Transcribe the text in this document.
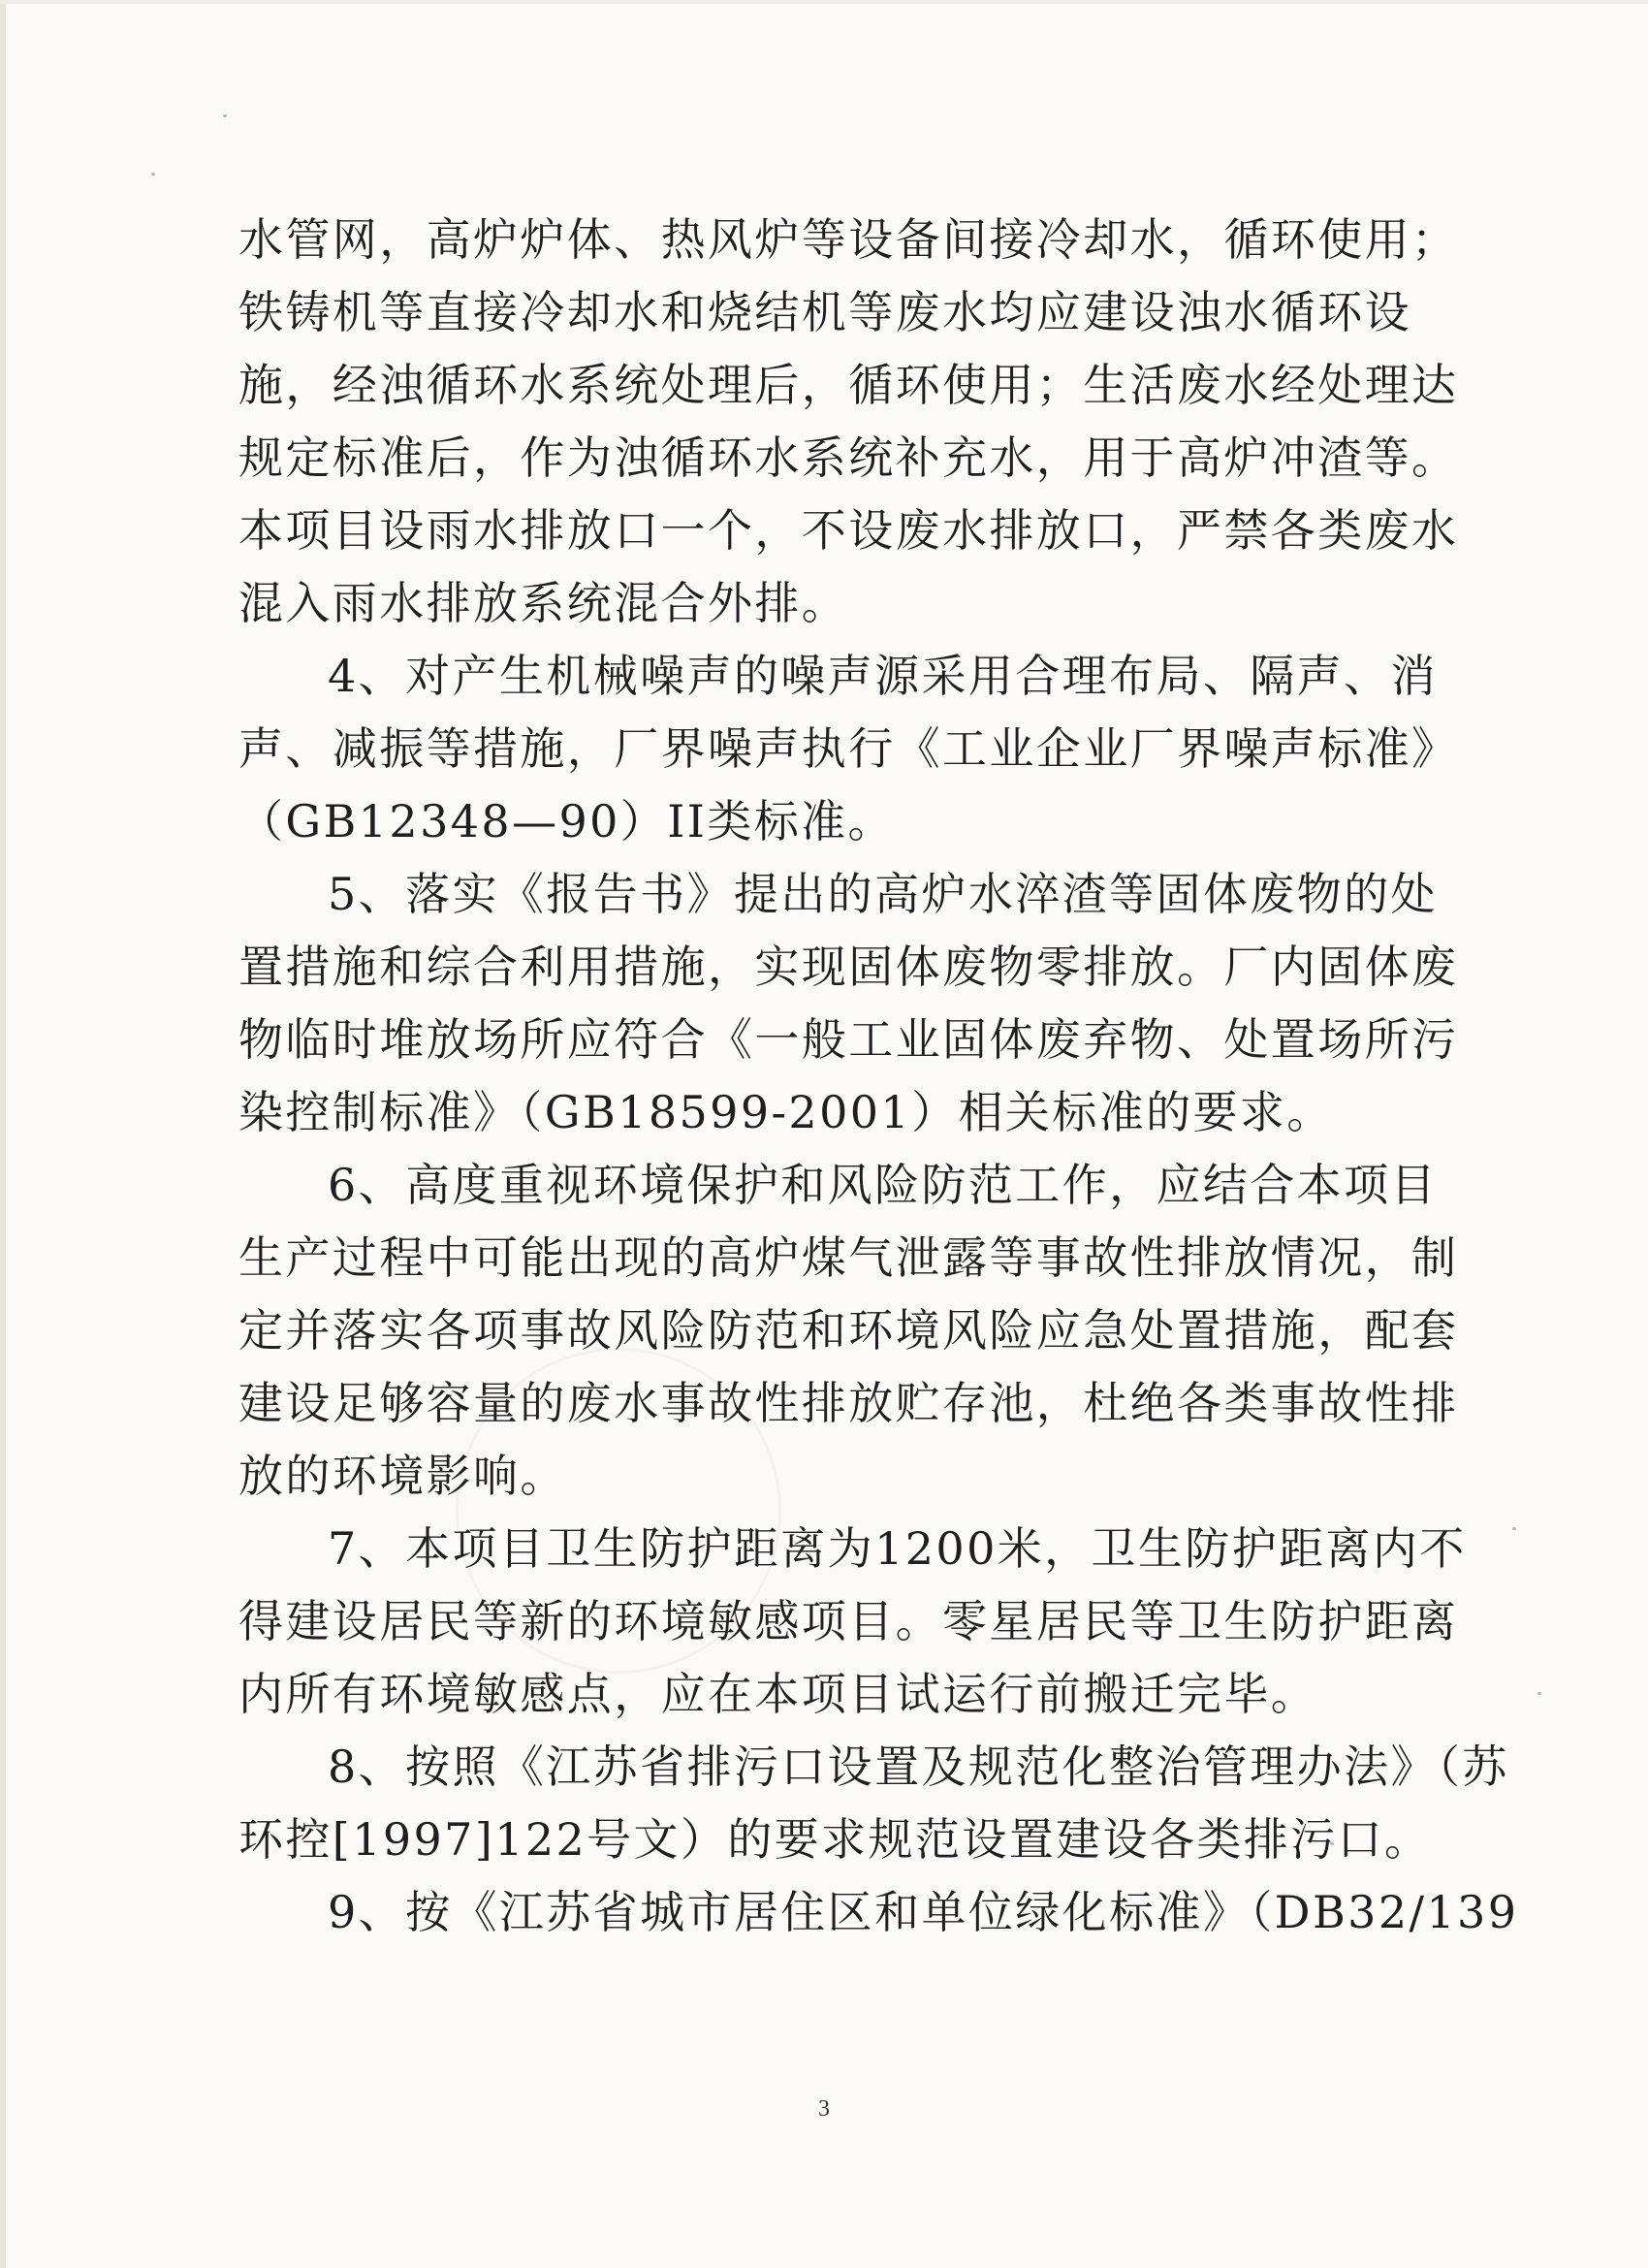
水管网，高炉炉体、热风炉等设备间接冷却水，循环使用；
铁铸机等直接冷却水和烧结机等废水均应建设浊水循环设
施，经浊循环水系统处理后，循环使用；生活废水经处理达
规定标准后，作为浊循环水系统补充水，用于高炉冲渣等。
本项目设雨水排放口一个，不设废水排放口，严禁各类废水
混入雨水排放系统混合外排。
4、对产生机械噪声的噪声源采用合理布局、隔声、消
声、减振等措施，厂界噪声执行《工业企业厂界噪声标准》
（GB12348—90）II类标准。
5、落实《报告书》提出的高炉水淬渣等固体废物的处
置措施和综合利用措施，实现固体废物零排放。厂内固体废
物临时堆放场所应符合《一般工业固体废弃物、处置场所污
染控制标准》（GB18599-2001）相关标准的要求。
6、高度重视环境保护和风险防范工作，应结合本项目
生产过程中可能出现的高炉煤气泄露等事故性排放情况，制
定并落实各项事故风险防范和环境风险应急处置措施，配套
建设足够容量的废水事故性排放贮存池，杜绝各类事故性排
放的环境影响。
7、本项目卫生防护距离为1200米，卫生防护距离内不
得建设居民等新的环境敏感项目。零星居民等卫生防护距离
内所有环境敏感点，应在本项目试运行前搬迁完毕。
8、按照《江苏省排污口设置及规范化整治管理办法》（苏
环控[1997]122号文）的要求规范设置建设各类排污口。
9、按《江苏省城市居住区和单位绿化标准》（DB32/139
3
